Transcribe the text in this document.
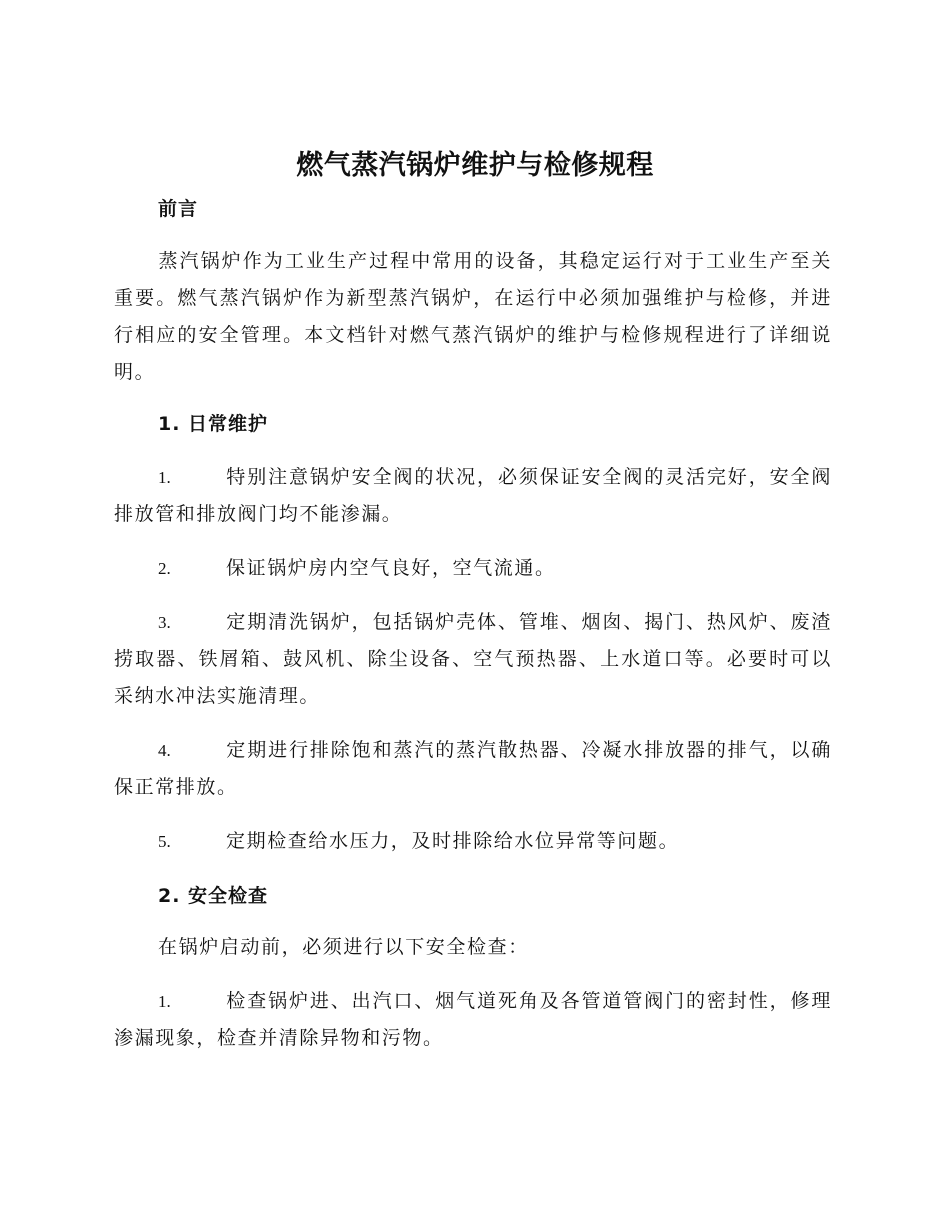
燃气蒸汽锅炉维护与检修规程
前言
蒸汽锅炉作为工业生产过程中常用的设备，其稳定运行对于工业生产至关重要。燃气蒸汽锅炉作为新型蒸汽锅炉，在运行中必须加强维护与检修，并进行相应的安全管理。本文档针对燃气蒸汽锅炉的维护与检修规程进行了详细说明。
1. 日常维护
1.	特别注意锅炉安全阀的状况，必须保证安全阀的灵活完好，安全阀排放管和排放阀门均不能渗漏。
2.	保证锅炉房内空气良好，空气流通。
3.	定期清洗锅炉，包括锅炉壳体、管堆、烟囱、揭门、热风炉、废渣捞取器、铁屑箱、鼓风机、除尘设备、空气预热器、上水道口等。必要时可以采纳水冲法实施清理。
4.	定期进行排除饱和蒸汽的蒸汽散热器、冷凝水排放器的排气，以确保正常排放。
5.	定期检查给水压力，及时排除给水位异常等问题。
2. 安全检查
在锅炉启动前，必须进行以下安全检查：
1.	检查锅炉进、出汽口、烟气道死角及各管道管阀门的密封性，修理渗漏现象，检查并清除异物和污物。
